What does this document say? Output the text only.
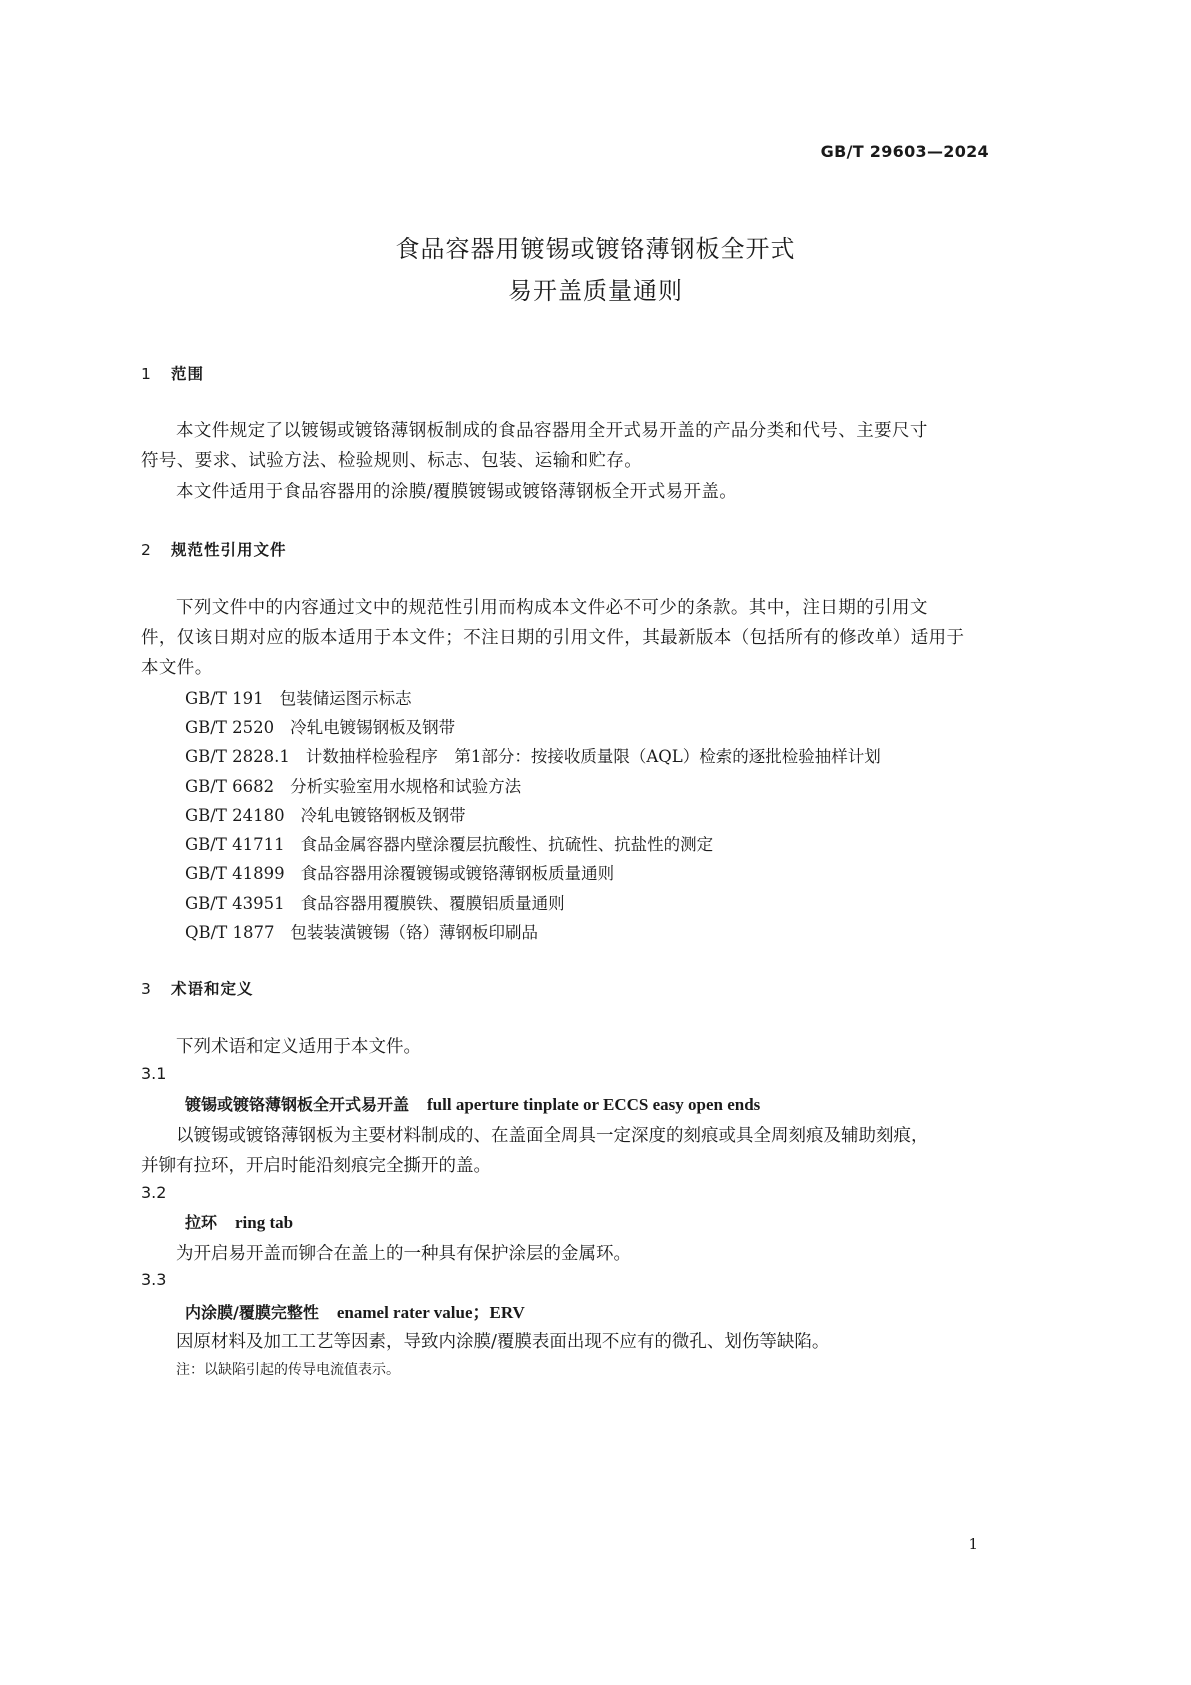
GB/T 29603—2024
食品容器用镀锡或镀铬薄钢板全开式
易开盖质量通则
1 范围
本文件规定了以镀锡或镀铬薄钢板制成的食品容器用全开式易开盖的产品分类和代号、主要尺寸
符号、要求、试验方法、检验规则、标志、包装、运输和贮存。
本文件适用于食品容器用的涂膜/覆膜镀锡或镀铬薄钢板全开式易开盖。
2 规范性引用文件
下列文件中的内容通过文中的规范性引用而构成本文件必不可少的条款。其中，注日期的引用文
件，仅该日期对应的版本适用于本文件；不注日期的引用文件，其最新版本（包括所有的修改单）适用于
本文件。
GB/T 191 包装储运图示标志
GB/T 2520 冷轧电镀锡钢板及钢带
GB/T 2828.1 计数抽样检验程序　第1部分：按接收质量限（AQL）检索的逐批检验抽样计划
GB/T 6682 分析实验室用水规格和试验方法
GB/T 24180 冷轧电镀铬钢板及钢带
GB/T 41711 食品金属容器内壁涂覆层抗酸性、抗硫性、抗盐性的测定
GB/T 41899 食品容器用涂覆镀锡或镀铬薄钢板质量通则
GB/T 43951 食品容器用覆膜铁、覆膜铝质量通则
QB/T 1877 包装装潢镀锡（铬）薄钢板印刷品
3 术语和定义
下列术语和定义适用于本文件。
3.1
镀锡或镀铬薄钢板全开式易开盖 full aperture tinplate or ECCS easy open ends
以镀锡或镀铬薄钢板为主要材料制成的、在盖面全周具一定深度的刻痕或具全周刻痕及辅助刻痕，
并铆有拉环，开启时能沿刻痕完全撕开的盖。
3.2
拉环 ring tab
为开启易开盖而铆合在盖上的一种具有保护涂层的金属环。
3.3
内涂膜/覆膜完整性 enamel rater value；ERV
因原材料及加工工艺等因素，导致内涂膜/覆膜表面出现不应有的微孔、划伤等缺陷。
注：以缺陷引起的传导电流值表示。
1
